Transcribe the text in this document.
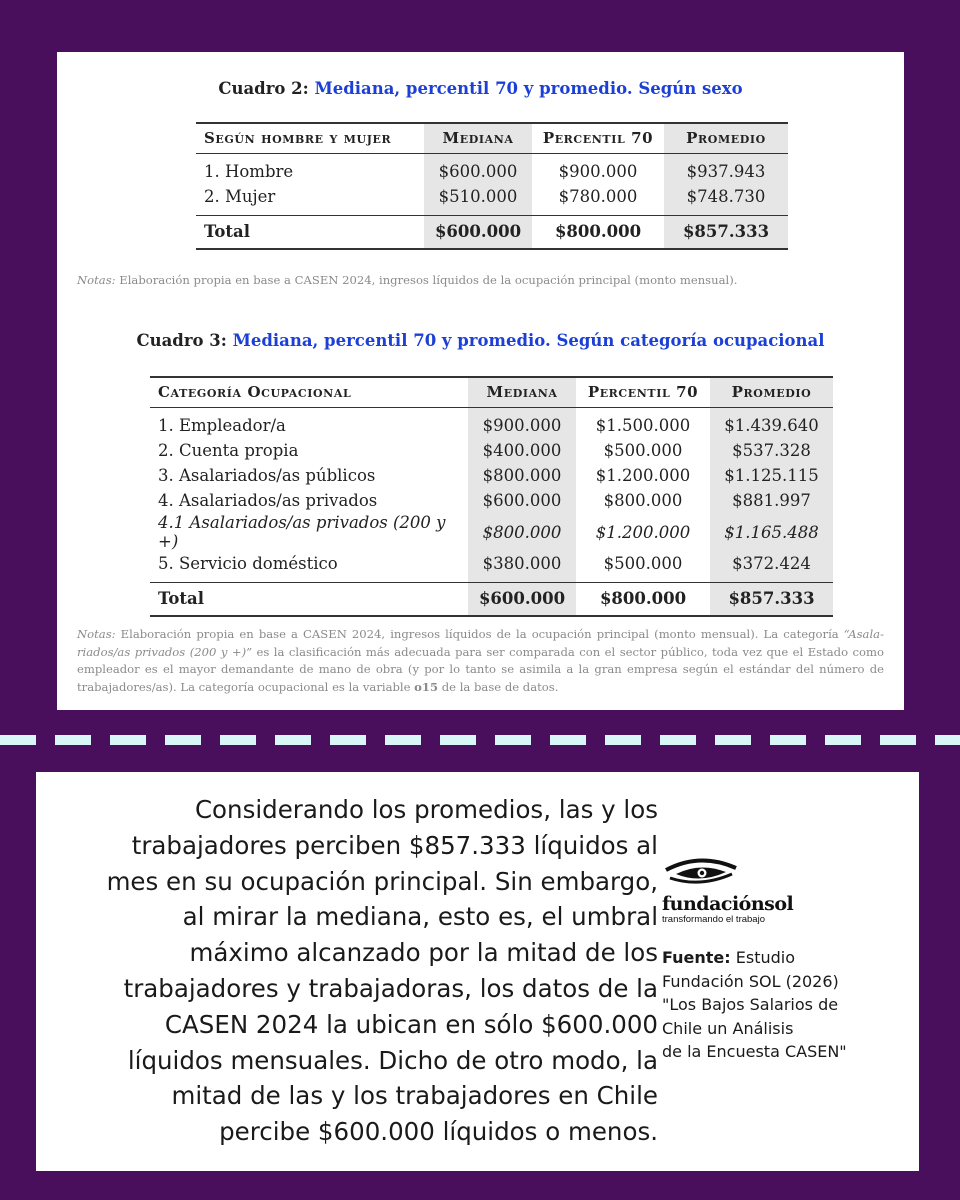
Cuadro 2: Mediana, percentil 70 y promedio. Según sexo
Según hombre y mujer	Mediana	Percentil 70	Promedio
1. Hombre	$600.000	$900.000	$937.943
2. Mujer	$510.000	$780.000	$748.730
Total	$600.000	$800.000	$857.333
Notas: Elaboración propia en base a CASEN 2024, ingresos líquidos de la ocupación principal (monto mensual).
Cuadro 3: Mediana, percentil 70 y promedio. Según categoría ocupacional
Categoría Ocupacional	Mediana	Percentil 70	Promedio
1. Empleador/a	$900.000	$1.500.000	$1.439.640
2. Cuenta propia	$400.000	$500.000	$537.328
3. Asalariados/as públicos	$800.000	$1.200.000	$1.125.115
4. Asalariados/as privados	$600.000	$800.000	$881.997
4.1 Asalariados/as privados (200 y +)	$800.000	$1.200.000	$1.165.488
5. Servicio doméstico	$380.000	$500.000	$372.424
Total	$600.000	$800.000	$857.333
Notas: Elaboración propia en base a CASEN 2024, ingresos líquidos de la ocupación principal (monto mensual). La categoría “Asala-riados/as privados (200 y +)” es la clasificación más adecuada para ser comparada con el sector público, toda vez que el Estado como empleador es el mayor demandante de mano de obra (y por lo tanto se asimila a la gran empresa según el estándar del número de trabajadores/as). La categoría ocupacional es la variable o15 de la base de datos.
Considerando los promedios, las y los
trabajadores perciben $857.333 líquidos al
mes en su ocupación principal. Sin embargo,
al mirar la mediana, esto es, el umbral
máximo alcanzado por la mitad de los
trabajadores y trabajadoras, los datos de la
CASEN 2024 la ubican en sólo $600.000
líquidos mensuales. Dicho de otro modo, la
mitad de las y los trabajadores en Chile
percibe $600.000 líquidos o menos.
fundaciónsol
transformando el trabajo
Fuente: Estudio
Fundación SOL (2026)
"Los Bajos Salarios de
Chile un Análisis
de la Encuesta CASEN"
